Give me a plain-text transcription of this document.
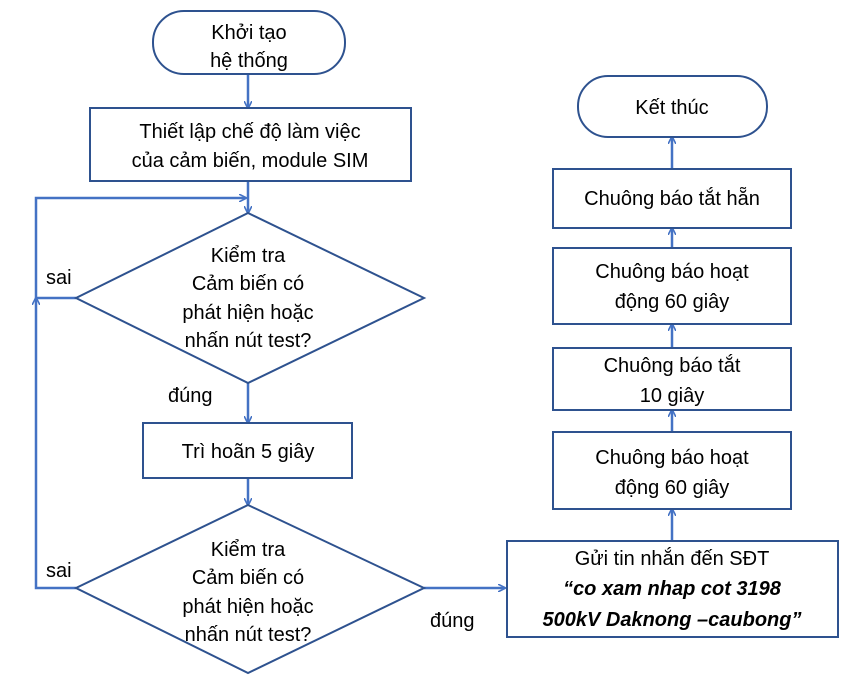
Khởi tạo
hệ thống
Thiết lập chế độ làm việc
của cảm biến, module SIM
Kiểm tra
Cảm biến có
phát hiện hoặc
nhấn nút test?
Trì hoãn 5 giây
Kiểm tra
Cảm biến có
phát hiện hoặc
nhấn nút test?
Gửi tin nhắn đến SĐT
“co xam nhap cot 3198
500kV Daknong –caubong”
Chuông báo hoạt
động 60 giây
Chuông báo tắt
10 giây
Chuông báo hoạt
động 60 giây
Chuông báo tắt hẵn
Kết thúc
sai
đúng
sai
đúng
